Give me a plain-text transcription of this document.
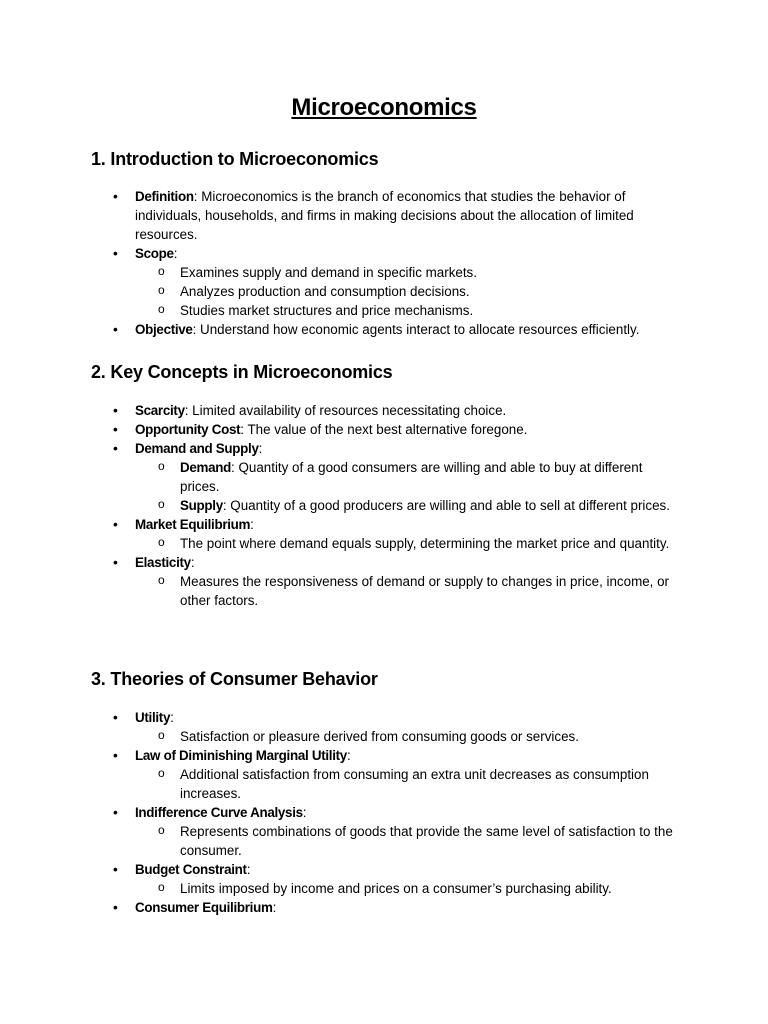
Microeconomics
1. Introduction to Microeconomics
• Definition: Microeconomics is the branch of economics that studies the behavior of individuals, households, and firms in making decisions about the allocation of limited resources.
• Scope:
o Examines supply and demand in specific markets.
o Analyzes production and consumption decisions.
o Studies market structures and price mechanisms.
• Objective: Understand how economic agents interact to allocate resources efficiently.
2. Key Concepts in Microeconomics
• Scarcity: Limited availability of resources necessitating choice.
• Opportunity Cost: The value of the next best alternative foregone.
• Demand and Supply:
o Demand: Quantity of a good consumers are willing and able to buy at different prices.
o Supply: Quantity of a good producers are willing and able to sell at different prices.
• Market Equilibrium:
o The point where demand equals supply, determining the market price and quantity.
• Elasticity:
o Measures the responsiveness of demand or supply to changes in price, income, or other factors.
3. Theories of Consumer Behavior
• Utility:
o Satisfaction or pleasure derived from consuming goods or services.
• Law of Diminishing Marginal Utility:
o Additional satisfaction from consuming an extra unit decreases as consumption increases.
• Indifference Curve Analysis:
o Represents combinations of goods that provide the same level of satisfaction to the consumer.
• Budget Constraint:
o Limits imposed by income and prices on a consumer’s purchasing ability.
• Consumer Equilibrium:
